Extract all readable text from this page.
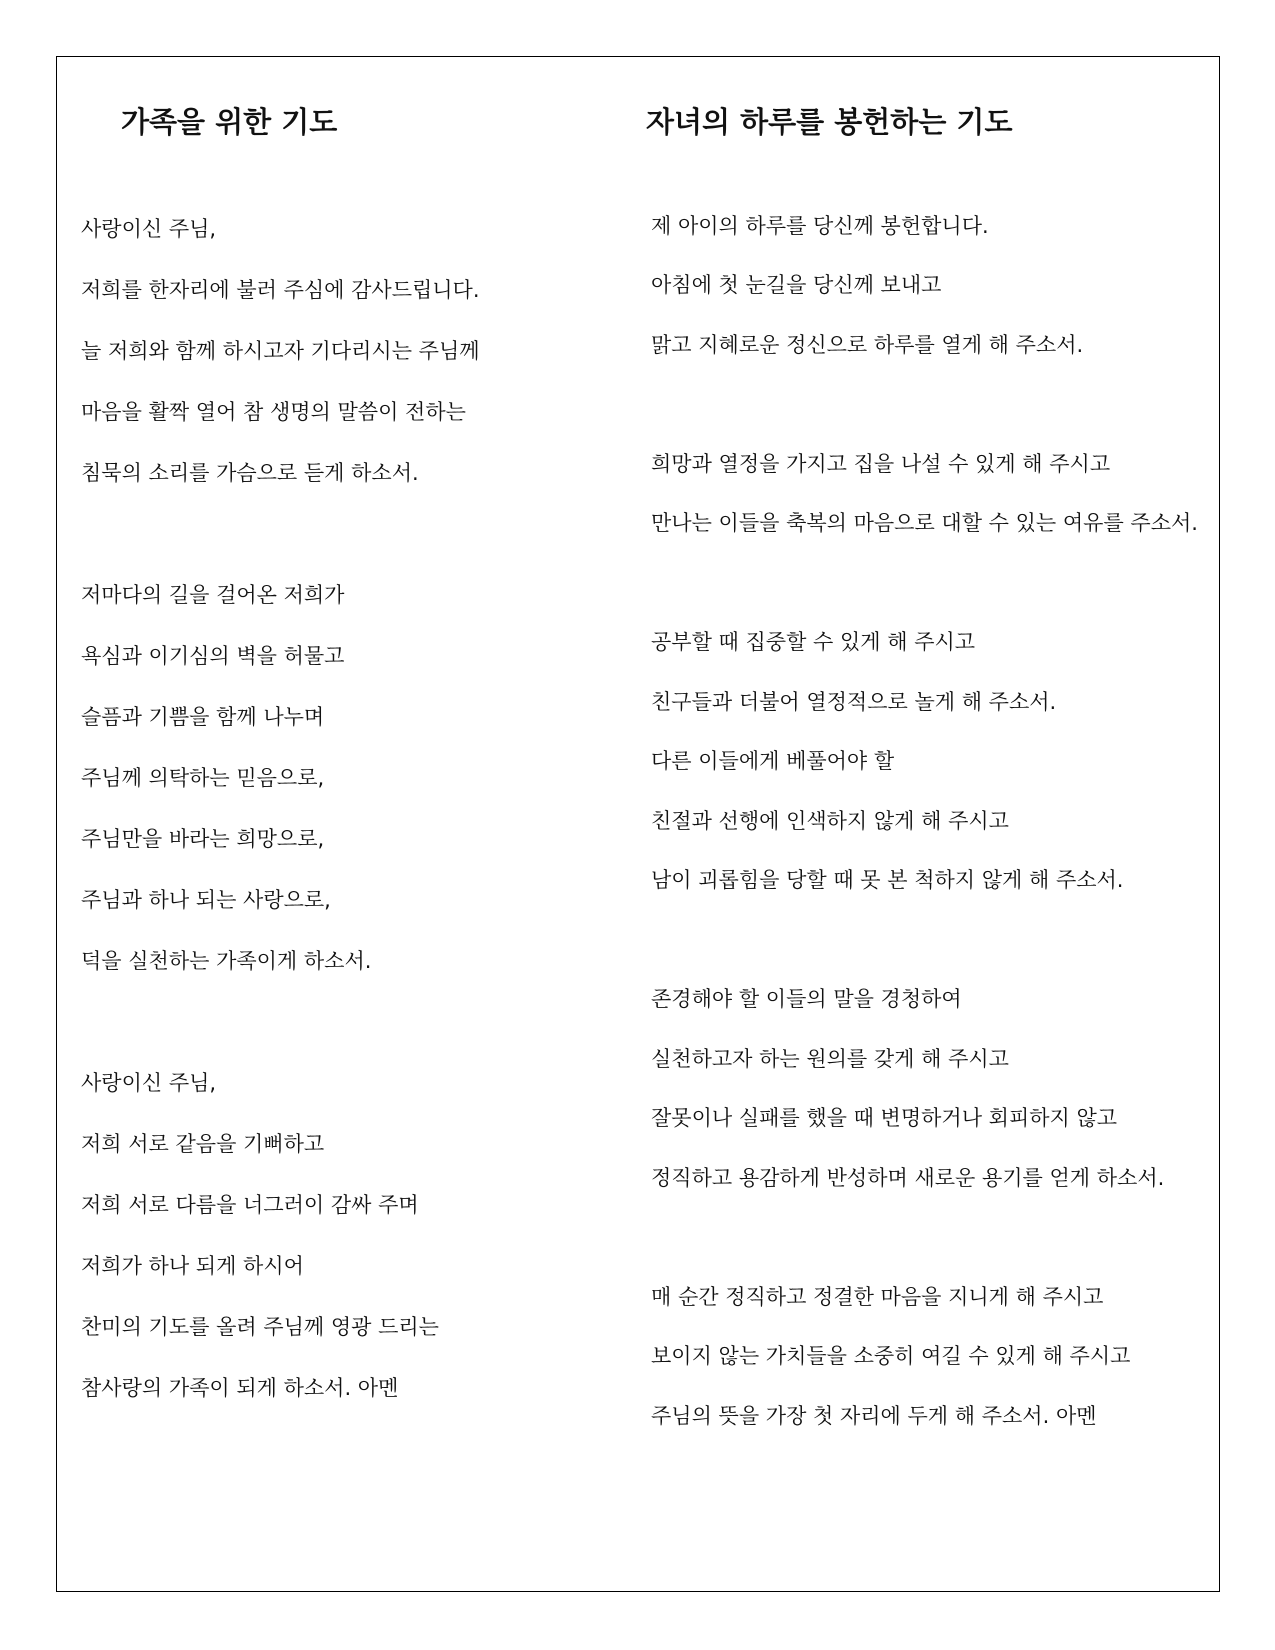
가족을 위한 기도	자녀의 하루를 봉헌하는 기도

사랑이신 주님,

저희를 한자리에 불러 주심에 감사드립니다.

늘 저희와 함께 하시고자 기다리시는 주님께

마음을 활짝 열어 참 생명의 말씀이 전하는

침묵의 소리를 가슴으로 듣게 하소서.

저마다의 길을 걸어온 저희가

욕심과 이기심의 벽을 허물고

슬픔과 기쁨을 함께 나누며

주님께 의탁하는 믿음으로,

주님만을 바라는 희망으로,

주님과 하나 되는 사랑으로,

덕을 실천하는 가족이게 하소서.

사랑이신 주님,

저희 서로 같음을 기뻐하고

저희 서로 다름을 너그러이 감싸 주며

저희가 하나 되게 하시어

찬미의 기도를 올려 주님께 영광 드리는

참사랑의 가족이 되게 하소서. 아멘

제 아이의 하루를 당신께 봉헌합니다.

아침에 첫 눈길을 당신께 보내고

맑고 지혜로운 정신으로 하루를 열게 해 주소서.

희망과 열정을 가지고 집을 나설 수 있게 해 주시고

만나는 이들을 축복의 마음으로 대할 수 있는 여유를 주소서.

공부할 때 집중할 수 있게 해 주시고

친구들과 더불어 열정적으로 놀게 해 주소서.

다른 이들에게 베풀어야 할

친절과 선행에 인색하지 않게 해 주시고

남이 괴롭힘을 당할 때 못 본 척하지 않게 해 주소서.

존경해야 할 이들의 말을 경청하여

실천하고자 하는 원의를 갖게 해 주시고

잘못이나 실패를 했을 때 변명하거나 회피하지 않고

정직하고 용감하게 반성하며 새로운 용기를 얻게 하소서.

매 순간 정직하고 정결한 마음을 지니게 해 주시고

보이지 않는 가치들을 소중히 여길 수 있게 해 주시고

주님의 뜻을 가장 첫 자리에 두게 해 주소서. 아멘
